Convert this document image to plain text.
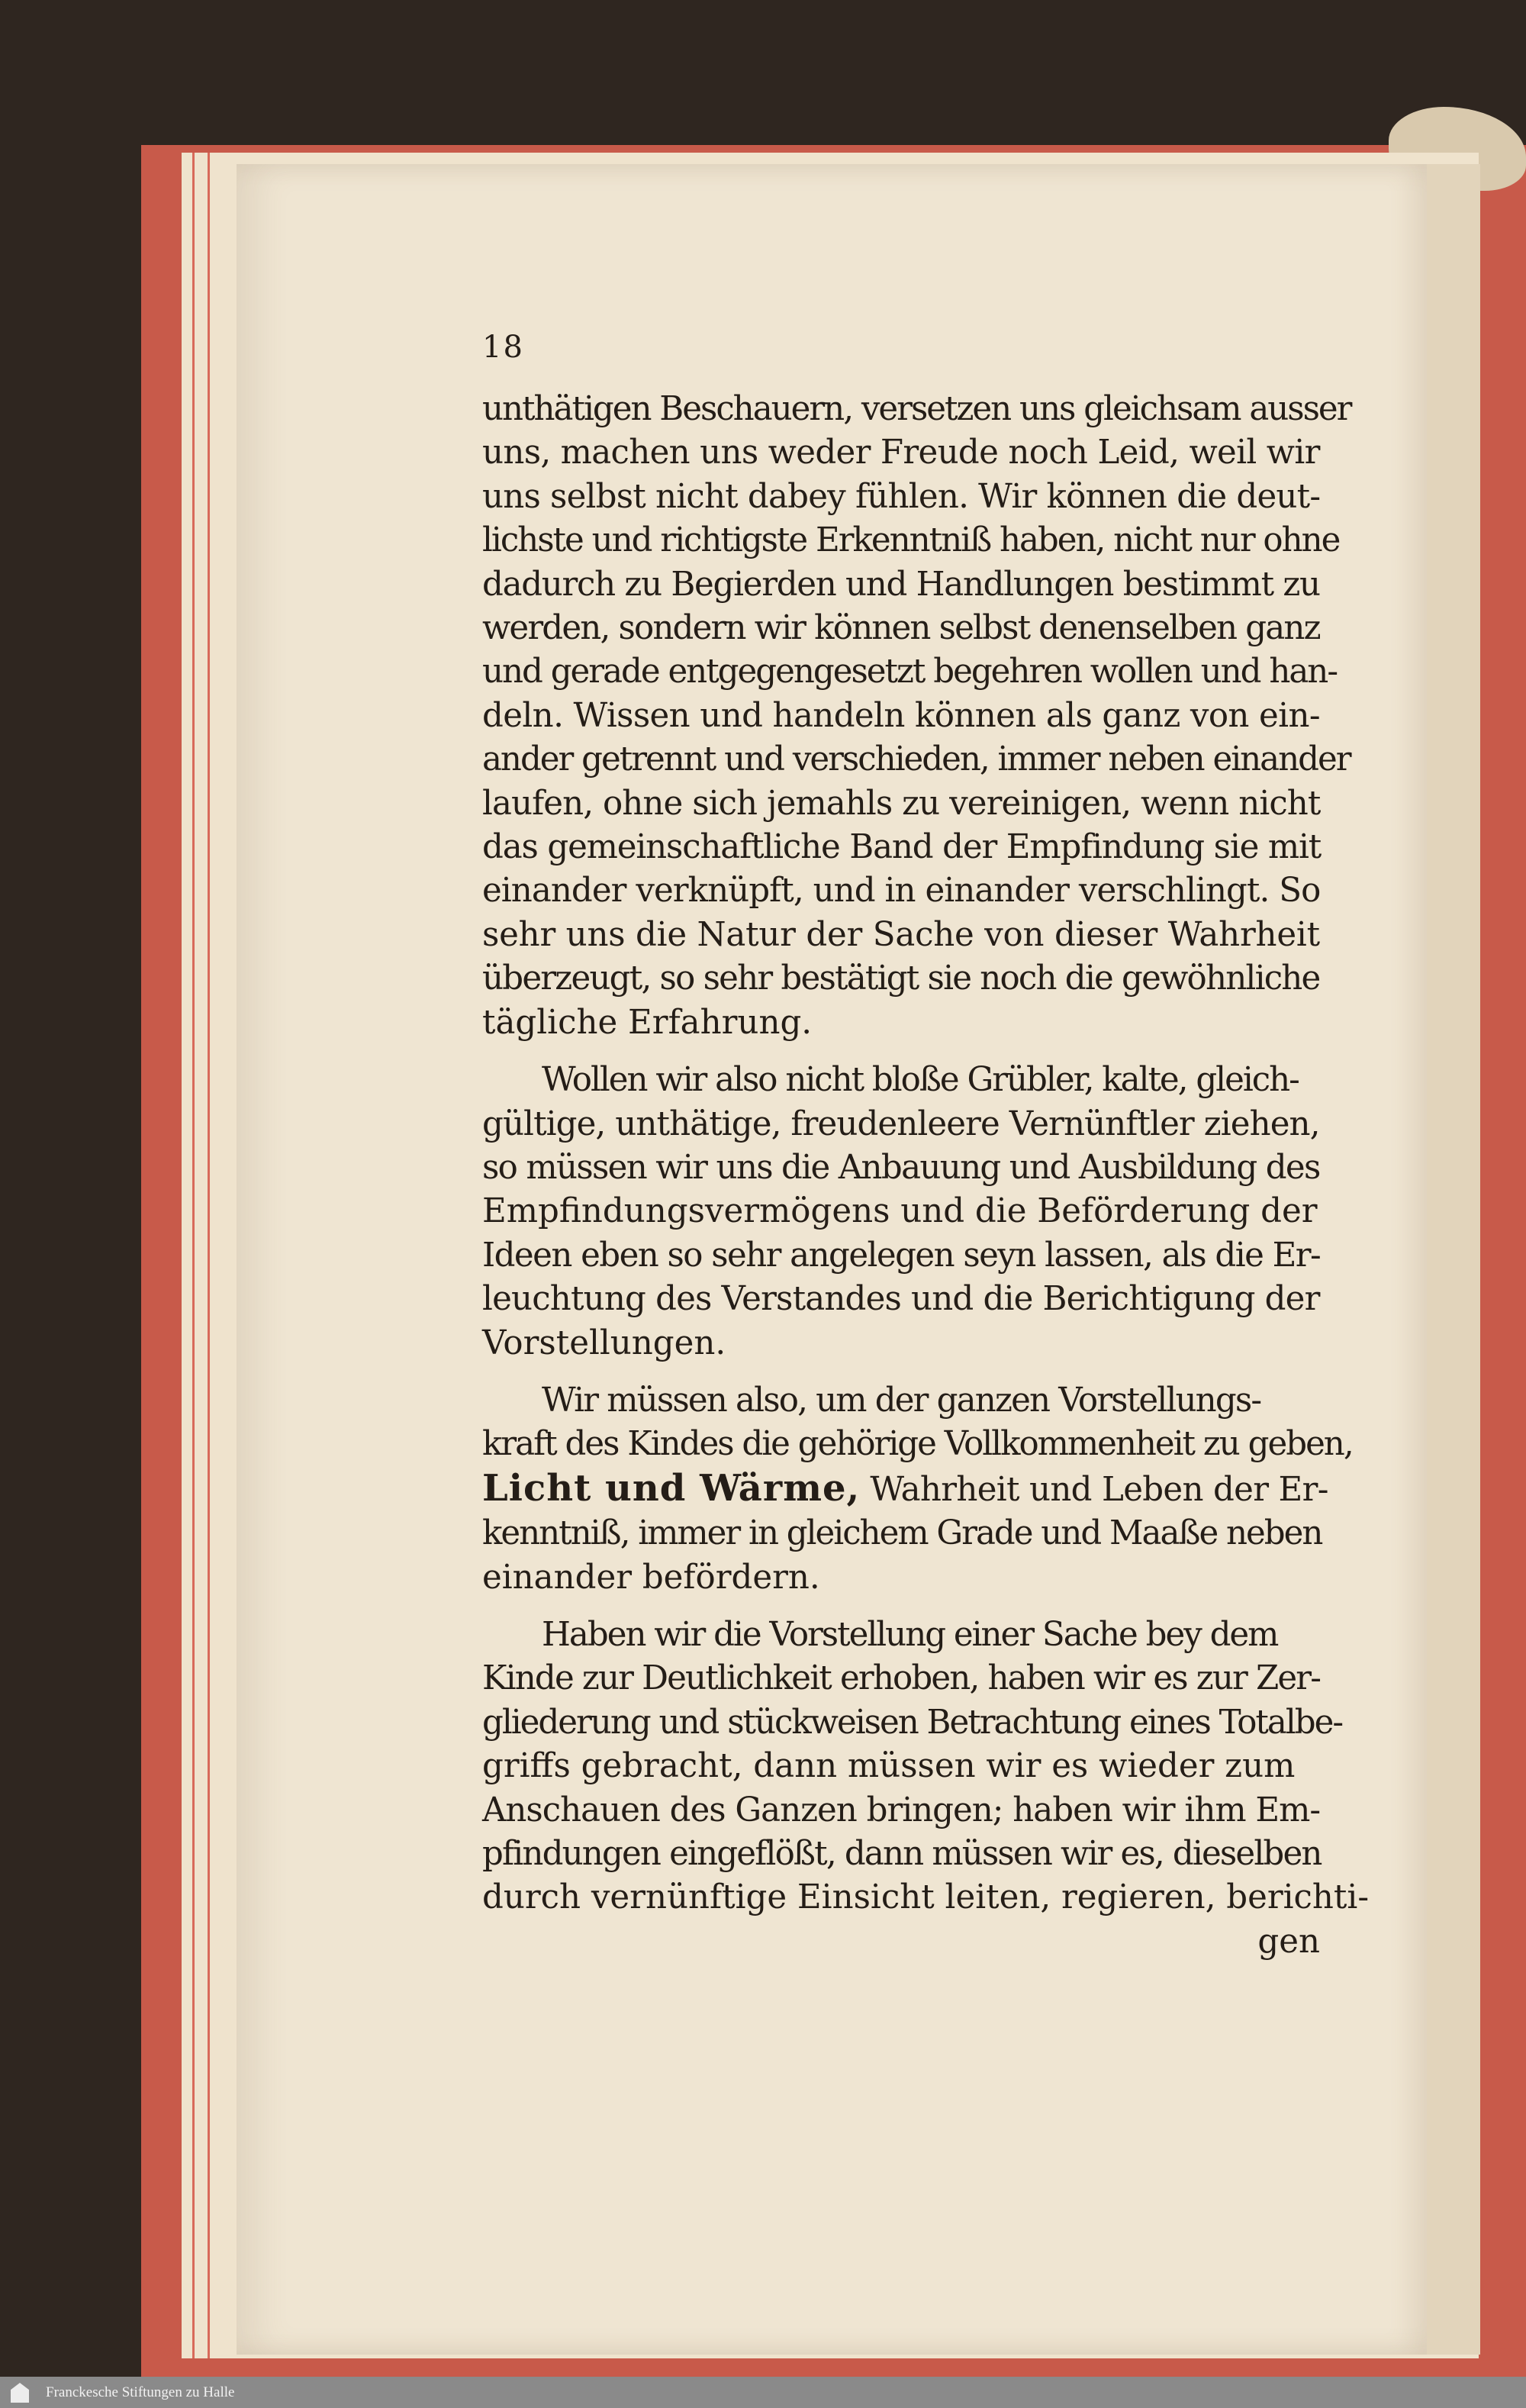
18

unthätigen Beschauern, versetzen uns gleichsam ausser
uns, machen uns weder Freude noch Leid, weil wir
uns selbst nicht dabey fühlen. Wir können die deut-
lichste und richtigste Erkenntniß haben, nicht nur ohne
dadurch zu Begierden und Handlungen bestimmt zu
werden, sondern wir können selbst denenselben ganz
und gerade entgegengesetzt begehren wollen und han-
deln. Wissen und handeln können als ganz von ein-
ander getrennt und verschieden, immer neben einander
laufen, ohne sich jemahls zu vereinigen, wenn nicht
das gemeinschaftliche Band der Empfindung sie mit
einander verknüpft, und in einander verschlingt. So
sehr uns die Natur der Sache von dieser Wahrheit
überzeugt, so sehr bestätigt sie noch die gewöhnliche
tägliche Erfahrung.

Wollen wir also nicht bloße Grübler, kalte, gleich-
gültige, unthätige, freudenleere Vernünftler ziehen,
so müssen wir uns die Anbauung und Ausbildung des
Empfindungsvermögens und die Beförderung der
Ideen eben so sehr angelegen seyn lassen, als die Er-
leuchtung des Verstandes und die Berichtigung der
Vorstellungen.

Wir müssen also, um der ganzen Vorstellungs-
kraft des Kindes die gehörige Vollkommenheit zu geben,
Licht und Wärme, Wahrheit und Leben der Er-
kenntniß, immer in gleichem Grade und Maaße neben
einander befördern.

Haben wir die Vorstellung einer Sache bey dem
Kinde zur Deutlichkeit erhoben, haben wir es zur Zer-
gliederung und stückweisen Betrachtung eines Totalbe-
griffs gebracht, dann müssen wir es wieder zum
Anschauen des Ganzen bringen; haben wir ihm Em-
pfindungen eingeflößt, dann müssen wir es, dieselben
durch vernünftige Einsicht leiten, regieren, berichti-
gen

Franckesche Stiftungen zu Halle
